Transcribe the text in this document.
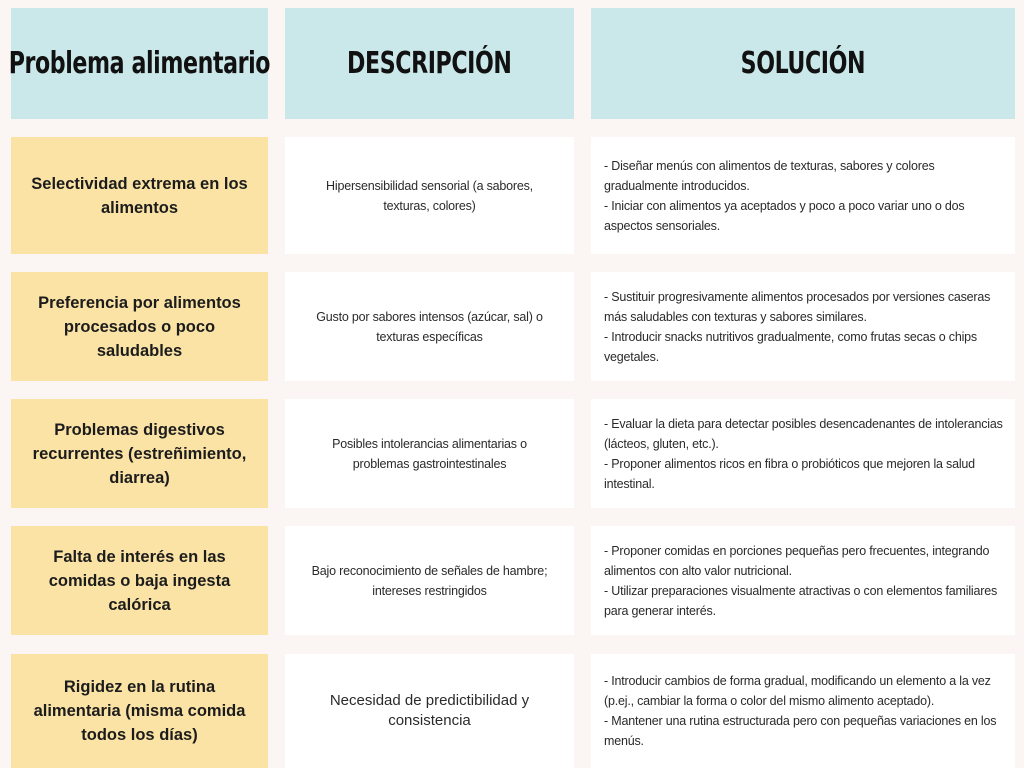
Problema alimentario	DESCRIPCIÓN	SOLUCIÓN
Selectividad extrema en los alimentos
Hipersensibilidad sensorial (a sabores, texturas, colores)
- Diseñar menús con alimentos de texturas, sabores y colores gradualmente introducidos.
- Iniciar con alimentos ya aceptados y poco a poco variar uno o dos aspectos sensoriales.
Preferencia por alimentos procesados o poco saludables
Gusto por sabores intensos (azúcar, sal) o texturas específicas
- Sustituir progresivamente alimentos procesados por versiones caseras más saludables con texturas y sabores similares.
- Introducir snacks nutritivos gradualmente, como frutas secas o chips vegetales.
Problemas digestivos recurrentes (estreñimiento, diarrea)
Posibles intolerancias alimentarias o problemas gastrointestinales
- Evaluar la dieta para detectar posibles desencadenantes de intolerancias (lácteos, gluten, etc.).
- Proponer alimentos ricos en fibra o probióticos que mejoren la salud intestinal.
Falta de interés en las comidas o baja ingesta calórica
Bajo reconocimiento de señales de hambre; intereses restringidos
- Proponer comidas en porciones pequeñas pero frecuentes, integrando alimentos con alto valor nutricional.
- Utilizar preparaciones visualmente atractivas o con elementos familiares para generar interés.
Rigidez en la rutina alimentaria (misma comida todos los días)
Necesidad de predictibilidad y consistencia
- Introducir cambios de forma gradual, modificando un elemento a la vez (p.ej., cambiar la forma o color del mismo alimento aceptado).
- Mantener una rutina estructurada pero con pequeñas variaciones en los menús.
